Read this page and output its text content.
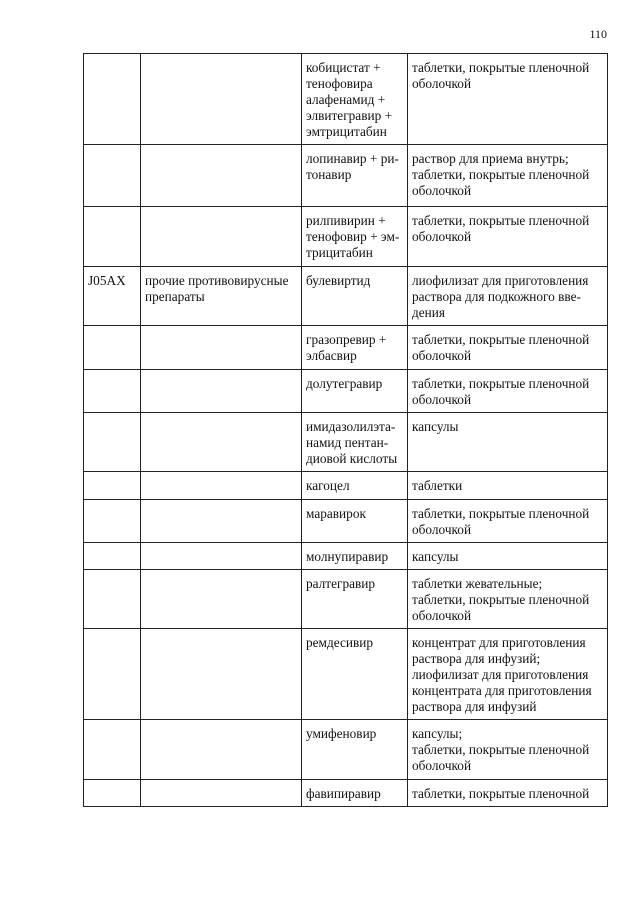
110
		кобицистат +
тенофовира
алафенамид +
элвитегравир +
эмтрицитабин	таблетки, покрытые пленочной
оболочкой
		лопинавир + ри-
тонавир	раствор для приема внутрь;
таблетки, покрытые пленочной
оболочкой
		рилпивирин +
тенофовир + эм-
трицитабин	таблетки, покрытые пленочной
оболочкой
J05AX	прочие противовирусные
препараты	булевиртид	лиофилизат для приготовления
раствора для подкожного вве-
дения
		гразопревир +
элбасвир	таблетки, покрытые пленочной
оболочкой
		долутегравир	таблетки, покрытые пленочной
оболочкой
		имидазолилэта-
намид пентан-
диовой кислоты	капсулы
		кагоцел	таблетки
		маравирок	таблетки, покрытые пленочной
оболочкой
		молнупиравир	капсулы
		ралтегравир	таблетки жевательные;
таблетки, покрытые пленочной
оболочкой
		ремдесивир	концентрат для приготовления
раствора для инфузий;
лиофилизат для приготовления
концентрата для приготовления
раствора для инфузий
		умифеновир	капсулы;
таблетки, покрытые пленочной
оболочкой
		фавипиравир	таблетки, покрытые пленочной
